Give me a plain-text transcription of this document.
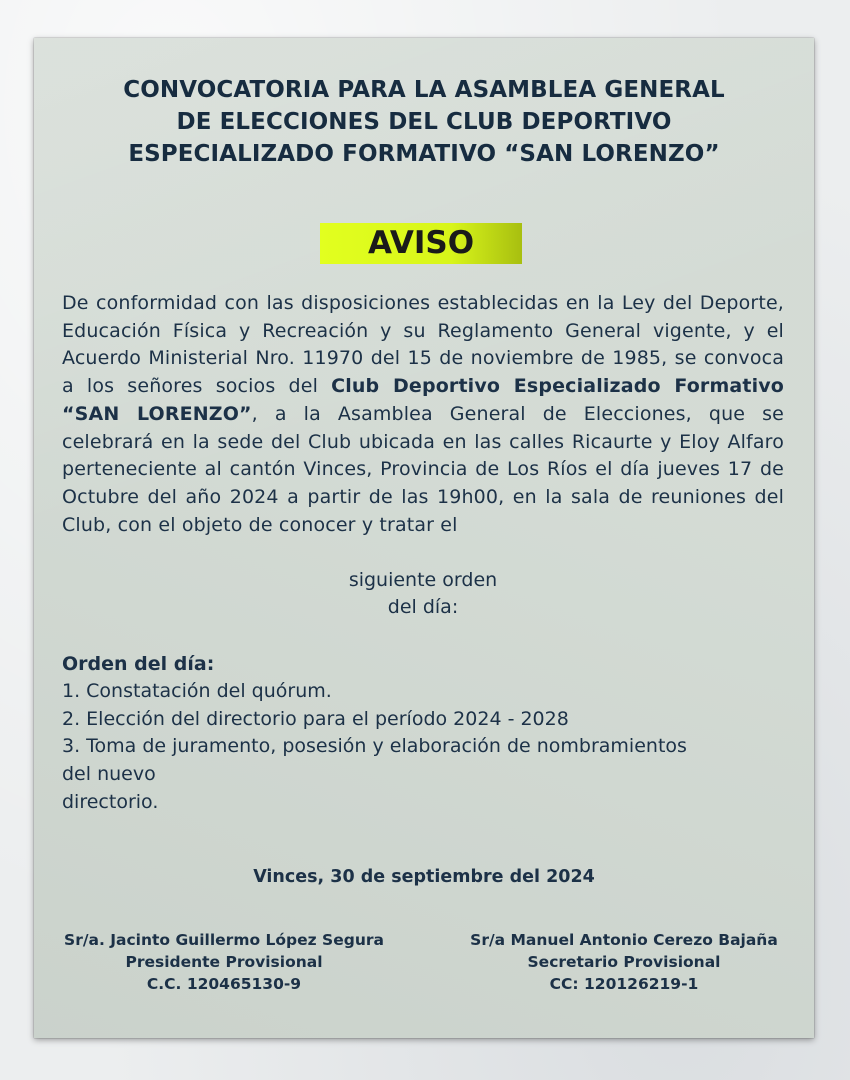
CONVOCATORIA PARA LA ASAMBLEA GENERAL
DE ELECCIONES DEL CLUB DEPORTIVO
ESPECIALIZADO FORMATIVO “SAN LORENZO”
AVISO

De conformidad con las disposiciones establecidas en la Ley del Deporte, Educación Física y Recreación y su Reglamento General vigente, y el Acuerdo Ministerial Nro. 11970 del 15 de noviembre de 1985, se convoca a los señores socios del Club Deportivo Especializado Formativo “SAN LORENZO”, a la Asamblea General de Elecciones, que se celebrará en la sede del Club ubicada en las calles Ricaurte y Eloy Alfaro perteneciente al cantón Vinces, Provincia de Los Ríos el día jueves 17 de Octubre del año 2024 a partir de las 19h00, en la sala de reuniones del Club, con el objeto de conocer y tratar el

siguiente orden

del día:

Orden del día:

1. Constatación del quórum.
2. Elección del directorio para el período 2024 - 2028
3. Toma de juramento, posesión y elaboración de nombramientos del nuevo
directorio.

Vinces, 30 de septiembre del 2024

Sr/a. Jacinto Guillermo López Segura
Presidente Provisional
C.C. 120465130-9
Sr/a Manuel Antonio Cerezo Bajaña
Secretario Provisional
CC: 120126219-1
